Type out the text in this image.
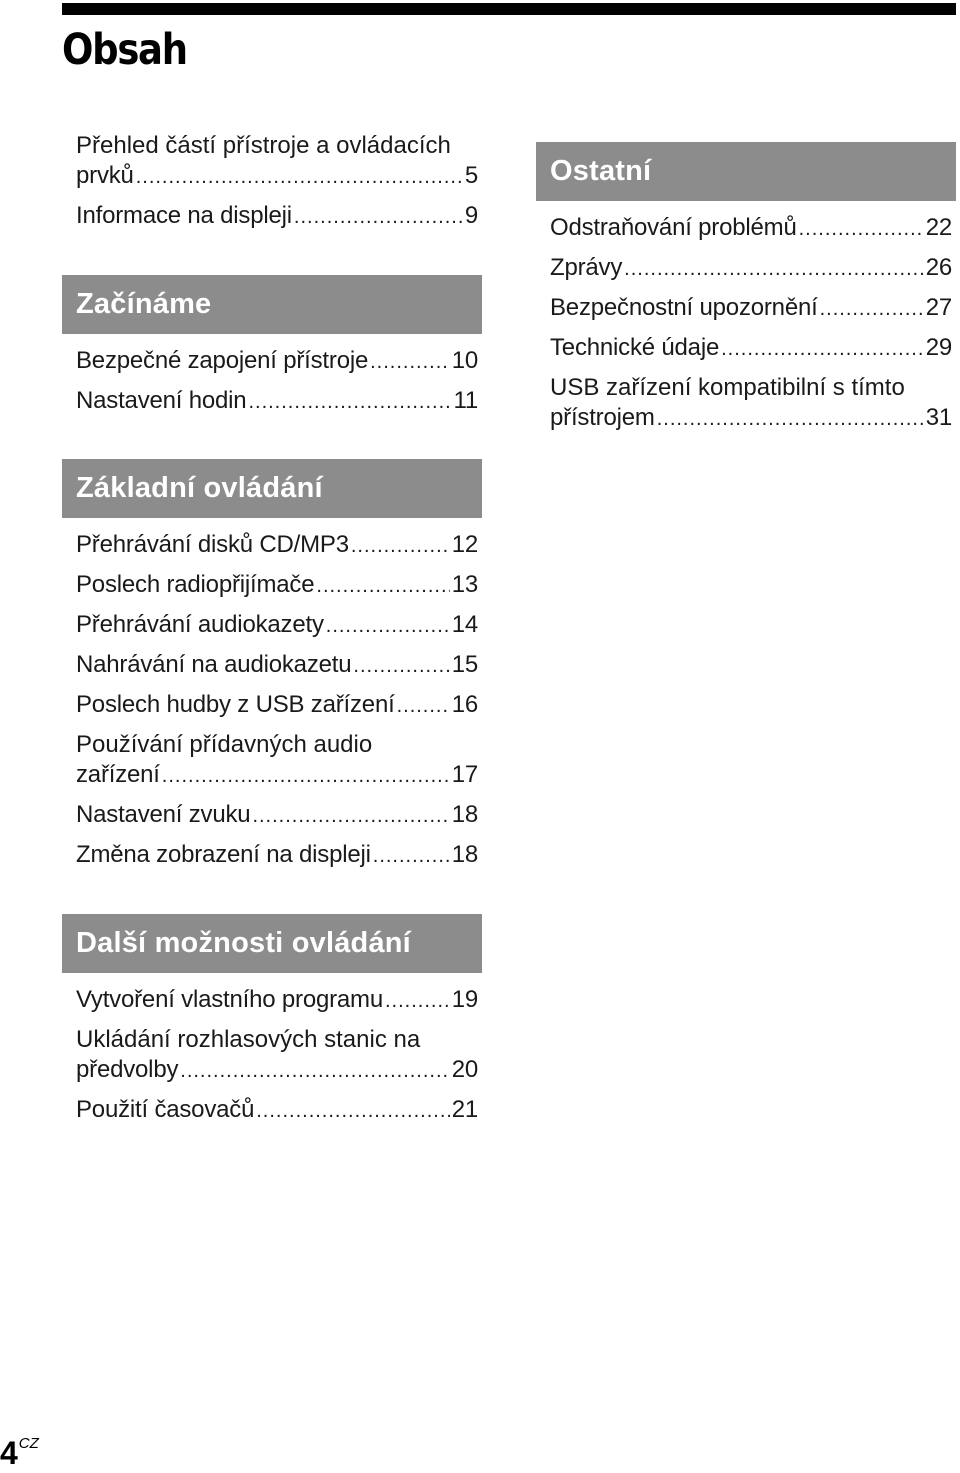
Obsah
Přehled částí přístroje a ovládacích
prvků .....	5
Informace na displeji .....	9
Začínáme
Bezpečné zapojení přístroje .....	10
Nastavení hodin .....	11
Základní ovládání
Přehrávání disků CD/MP3 .....	12
Poslech radiopřijímače .....	13
Přehrávání audiokazety .....	14
Nahrávání na audiokazetu .....	15
Poslech hudby z USB zařízení ..... 16
Používání přídavných audio
zařízení .....	17
Nastavení zvuku .....	18
Změna zobrazení na displeji .....	18
Další možnosti ovládání
Vytvoření vlastního programu .....	19
Ukládání rozhlasových stanic na
předvolby .....	20
Použití časovačů .....	21
Ostatní
Odstraňování problémů .....	22
Zprávy .....	26
Bezpečnostní upozornění .....	27
Technické údaje .....	29
USB zařízení kompatibilní s tímto
přístrojem .....	31
$4^{CZ}$
